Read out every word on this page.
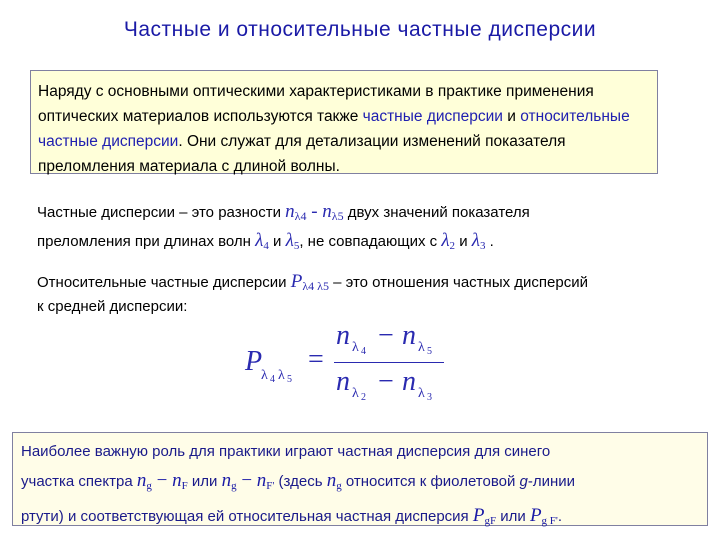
Частные и относительные частные дисперсии
Наряду с основными оптическими характеристиками в практике применения оптических материалов используются также частные дисперсии и относительные частные дисперсии. Они служат для детализации изменений показателя преломления материала с длиной волны.
Частные дисперсии – это разности $n_{\lambda 4} - n_{\lambda 5}$ двух значений показателя
преломления при длинах волн $\lambda_4$ и $\lambda_5$, не совпадающих с $\lambda_2$ и $\lambda_3$ .
Относительные частные дисперсии $P_{\lambda 4 \lambda 5}$ – это отношения частных дисперсий
к средней дисперсии:
P
λ 4 λ 5
=
n λ 4
− n λ 5
n λ 2
− n λ 3
Наиболее важную роль для практики играют частная дисперсия для синего
участка спектра $n_g - n_F$ или $n_g - n_{F'}$ (здесь $n_g$ относится к фиолетовой g-линии
ртути) и соответствующая ей относительная частная дисперсия $P_{gF}$ или $P_{g F'}$.
